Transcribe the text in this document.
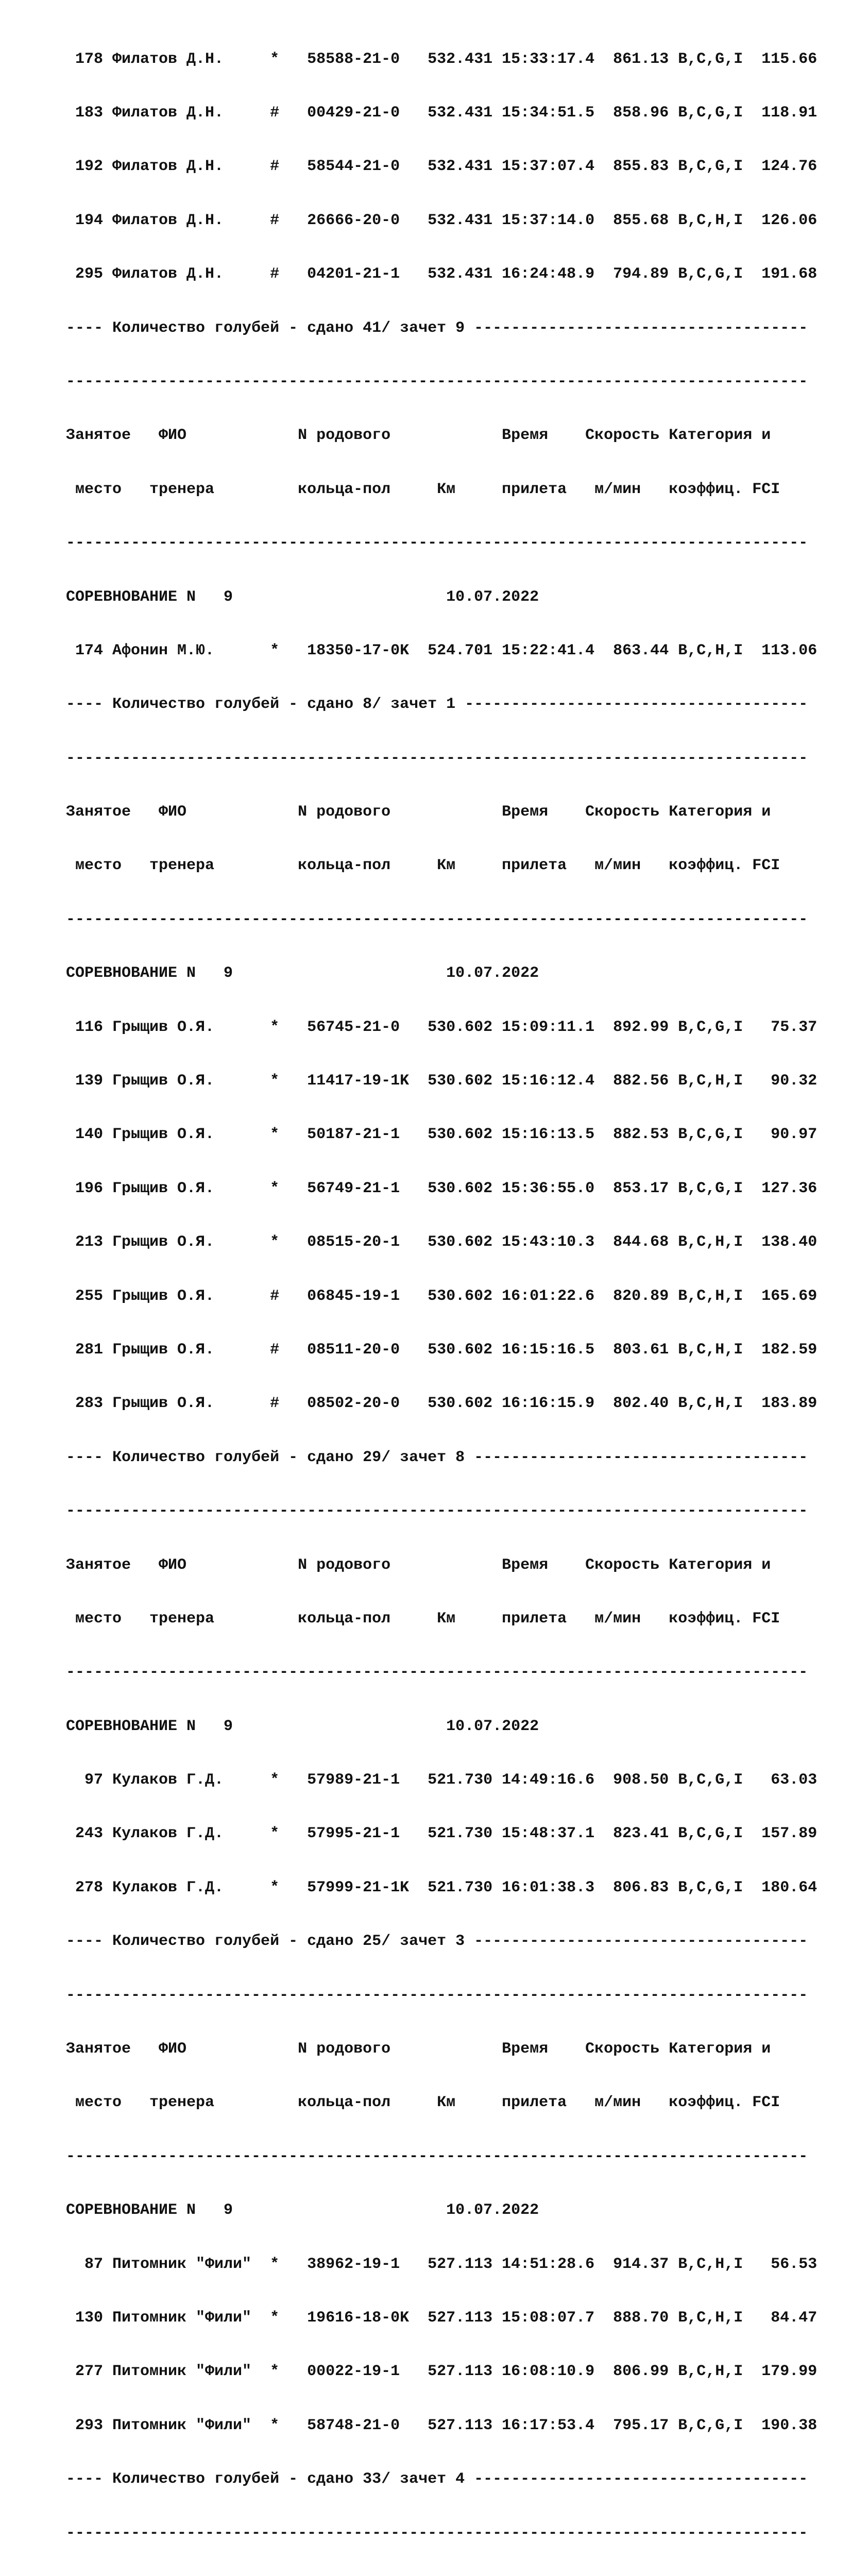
178 Филатов Д.Н.     *   58588-21-0   532.431 15:33:17.4  861.13 B,C,G,I  115.66

183 Филатов Д.Н.     #   00429-21-0   532.431 15:34:51.5  858.96 B,C,G,I  118.91

192 Филатов Д.Н.     #   58544-21-0   532.431 15:37:07.4  855.83 B,C,G,I  124.76

194 Филатов Д.Н.     #   26666-20-0   532.431 15:37:14.0  855.68 B,C,H,I  126.06

295 Филатов Д.Н.     #   04201-21-1   532.431 16:24:48.9  794.89 B,C,G,I  191.68

---- Количество голубей - сдано 41/ зачет 9 ------------------------------------

--------------------------------------------------------------------------------

Занятое   ФИО            N родового            Время    Скорость Категория и

место   тренера         кольца-пол     Км     прилета   м/мин   коэффиц. FCI

--------------------------------------------------------------------------------

СОРЕВНОВАНИЕ N   9                       10.07.2022

174 Афонин М.Ю.      *   18350-17-0K  524.701 15:22:41.4  863.44 B,C,H,I  113.06

---- Количество голубей - сдано 8/ зачет 1 -------------------------------------

--------------------------------------------------------------------------------

Занятое   ФИО            N родового            Время    Скорость Категория и

место   тренера         кольца-пол     Км     прилета   м/мин   коэффиц. FCI

--------------------------------------------------------------------------------

СОРЕВНОВАНИЕ N   9                       10.07.2022

116 Грыщив О.Я.      *   56745-21-0   530.602 15:09:11.1  892.99 B,C,G,I   75.37

139 Грыщив О.Я.      *   11417-19-1K  530.602 15:16:12.4  882.56 B,C,H,I   90.32

140 Грыщив О.Я.      *   50187-21-1   530.602 15:16:13.5  882.53 B,C,G,I   90.97

196 Грыщив О.Я.      *   56749-21-1   530.602 15:36:55.0  853.17 B,C,G,I  127.36

213 Грыщив О.Я.      *   08515-20-1   530.602 15:43:10.3  844.68 B,C,H,I  138.40

255 Грыщив О.Я.      #   06845-19-1   530.602 16:01:22.6  820.89 B,C,H,I  165.69

281 Грыщив О.Я.      #   08511-20-0   530.602 16:15:16.5  803.61 B,C,H,I  182.59

283 Грыщив О.Я.      #   08502-20-0   530.602 16:16:15.9  802.40 B,C,H,I  183.89

---- Количество голубей - сдано 29/ зачет 8 ------------------------------------

--------------------------------------------------------------------------------

Занятое   ФИО            N родового            Время    Скорость Категория и

место   тренера         кольца-пол     Км     прилета   м/мин   коэффиц. FCI

--------------------------------------------------------------------------------

СОРЕВНОВАНИЕ N   9                       10.07.2022

97 Кулаков Г.Д.     *   57989-21-1   521.730 14:49:16.6  908.50 B,C,G,I   63.03

243 Кулаков Г.Д.     *   57995-21-1   521.730 15:48:37.1  823.41 B,C,G,I  157.89

278 Кулаков Г.Д.     *   57999-21-1K  521.730 16:01:38.3  806.83 B,C,G,I  180.64

---- Количество голубей - сдано 25/ зачет 3 ------------------------------------

--------------------------------------------------------------------------------

Занятое   ФИО            N родового            Время    Скорость Категория и

место   тренера         кольца-пол     Км     прилета   м/мин   коэффиц. FCI

--------------------------------------------------------------------------------

СОРЕВНОВАНИЕ N   9                       10.07.2022

87 Питомник "Фили"  *   38962-19-1   527.113 14:51:28.6  914.37 B,C,H,I   56.53

130 Питомник "Фили"  *   19616-18-0K  527.113 15:08:07.7  888.70 B,C,H,I   84.47

277 Питомник "Фили"  *   00022-19-1   527.113 16:08:10.9  806.99 B,C,H,I  179.99

293 Питомник "Фили"  *   58748-21-0   527.113 16:17:53.4  795.17 B,C,G,I  190.38

---- Количество голубей - сдано 33/ зачет 4 ------------------------------------

--------------------------------------------------------------------------------
